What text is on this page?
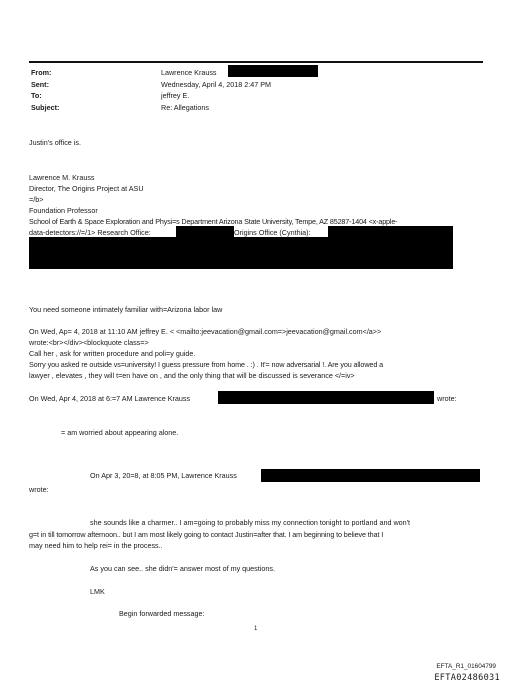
From:	Lawrence Krauss
Sent:	Wednesday, April 4, 2018 2:47 PM
To:	jeffrey E.
Subject:	Re: Allegations
Justin's office is.
Lawrence M. Krauss
Director, The Origins Project at ASU
=/b>
Foundation Professor
School of Earth & Space Exploration and Physi=s Department Arizona State University, Tempe, AZ 85287-1404 <x-apple-
data-detectors://=/1> Research Office:	Origins Office (Cynthia):
You need someone intimately familiar with=Arizona labor law
On Wed, Ap= 4, 2018 at 11:10 AM jeffrey E. < <mailto:jeevacation@gmail.com=>jeevacation@gmail.com</a>>
wrote:<br></div><blockquote class=>
Call her , ask for written procedure and poli=y guide.
Sorry you asked re outside vs=university! I guess pressure from home . :) . It'= now adversarial !. Are you allowed a
lawyer , elevates , they will t=en have on , and the only thing that will be discussed is severance </=iv>
On Wed, Apr 4, 2018 at 6:=7 AM Lawrence Krauss	wrote:
= am worried about appearing alone.
On Apr 3, 20=8, at 8:05 PM, Lawrence Krauss
wrote:
she sounds like a charmer.. I am=going to probably miss my connection tonight to portland and won't
g=t in till tomorrow afternoon.. but I am most likely going to contact Justin=after that. I am beginning to believe that I
may need him to help rei= in the process..
As you can see.. she didn'= answer most of my questions.
LMK
Begin forwarded message:
1
EFTA_R1_01604799
EFTA02486031
